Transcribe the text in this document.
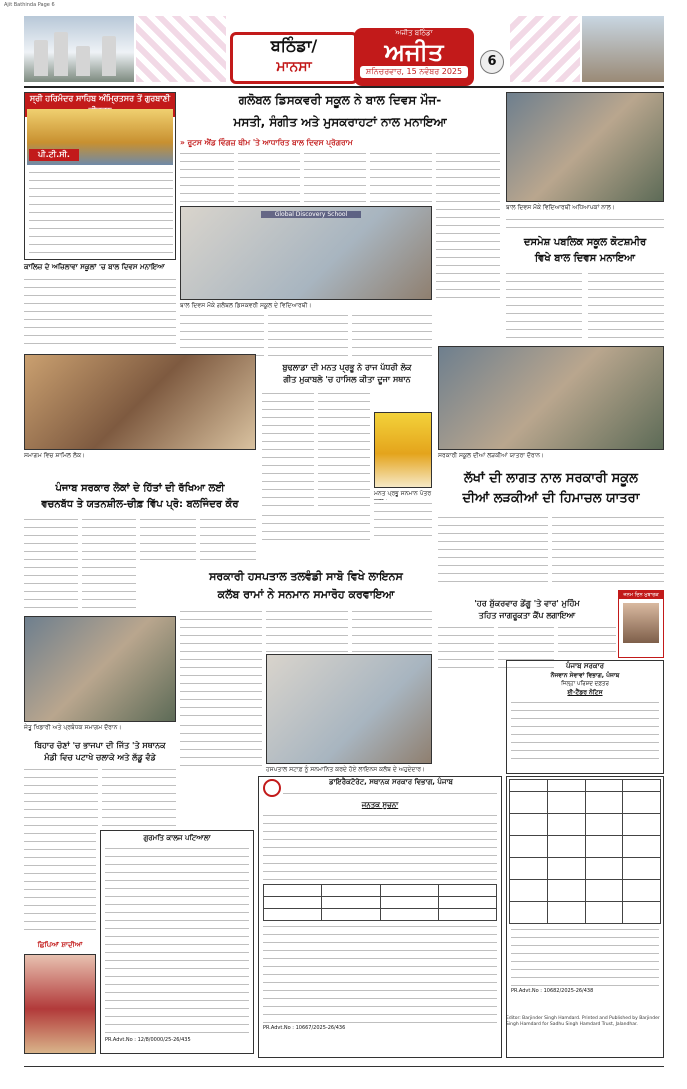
Ajit Bathinda Page 6
ਬਠਿੰਡਾ/
ਮਾਨਸਾ
ਅਜੀਤ ਬਠਿੰਡਾ
ਅਜੀਤ
ਸ਼ਨਿਚਰਵਾਰ, 15 ਨਵੰਬਰ 2025
6
ਸ੍ਰੀ ਹਰਿਮੰਦਰ ਸਾਹਿਬ ਅੰਮ੍ਰਿਤਸਰ ਤੋਂ ਗੁਰਬਾਣੀ
ਪੀ.ਟੀ.ਸੀ.
ਕਾਲਿਜ਼ ਦੇ ਅਜ਼ਿਲਾਵਾ ਸਕੂਲਾਂ 'ਚ ਬਾਲ ਦਿਵਸ ਮਨਾਇਆ
ਗਲੋਬਲ ਡਿਸਕਵਰੀ ਸਕੂਲ ਨੇ ਬਾਲ ਦਿਵਸ ਮੌਜ-
ਮਸਤੀ, ਸੰਗੀਤ ਅਤੇ ਮੁਸਕਰਾਹਟਾਂ ਨਾਲ ਮਨਾਇਆ
» ਰੂਟਸ ਐਂਡ ਵਿੰਗਜ਼ ਥੀਮ 'ਤੇ ਆਧਾਰਿਤ ਬਾਲ ਦਿਵਸ ਪ੍ਰੋਗਰਾਮ
Global Discovery School
ਬਾਲ ਦਿਵਸ ਮੌਕੇ ਗਲੋਬਲ ਡਿਸਕਵਰੀ ਸਕੂਲ ਦੇ ਵਿਦਿਆਰਥੀ।
ਬਾਲ ਦਿਵਸ ਮੌਕੇ ਵਿਦਿਆਰਥੀ ਅਧਿਆਪਕਾਂ ਨਾਲ।
ਦਸਮੇਸ਼ ਪਬਲਿਕ ਸਕੂਲ ਕੋਟਸ਼ਮੀਰ
ਵਿਖੇ ਬਾਲ ਦਿਵਸ ਮਨਾਇਆ
ਸਮਾਗਮ ਵਿਚ ਸ਼ਾਮਿਲ ਲੋਕ।
ਬੁਢਲਾਡਾ ਦੀ ਮਨਤ ਪ੍ਰਭੂ ਨੇ ਰਾਜ ਪੱਧਰੀ ਲੋਕ
ਗੀਤ ਮੁਕਾਬਲੇ 'ਚ ਹਾਸਿਲ ਕੀਤਾ ਦੂਜਾ ਸਥਾਨ
ਮਨਤ ਪ੍ਰਭੂ ਸਨਮਾਨ ਪੱਤਰ
ਸਰਕਾਰੀ ਸਕੂਲ ਦੀਆਂ ਲੜਕੀਆਂ ਯਾਤਰਾ ਦੌਰਾਨ।
ਲੱਖਾਂ ਦੀ ਲਾਗਤ ਨਾਲ ਸਰਕਾਰੀ ਸਕੂਲ
ਦੀਆਂ ਲੜਕੀਆਂ ਦੀ ਹਿਮਾਚਲ ਯਾਤਰਾ
ਪੰਜਾਬ ਸਰਕਾਰ ਲੋਕਾਂ ਦੇ ਹਿੱਤਾਂ ਦੀ ਰੱਖਿਆ ਲਈ
ਵਚਨਬੱਧ ਤੇ ਯਤਨਸ਼ੀਲ-ਚੀਫ਼ ਵਿੱਪ ਪ੍ਰੋ: ਬਲਜਿੰਦਰ ਕੌਰ
ਸਰਕਾਰੀ ਹਸਪਤਾਲ ਤਲਵੰਡੀ ਸਾਬੋ ਵਿਖੇ ਲਾਇਨਸ
ਕਲੱਬ ਰਾਮਾਂ ਨੇ ਸਨਮਾਨ ਸਮਾਰੋਹ ਕਰਵਾਇਆ
ਹਸਪਤਾਲ ਸਟਾਫ਼ ਨੂੰ ਸਨਮਾਨਿਤ ਕਰਦੇ ਹੋਏ ਲਾਇਨਸ ਕਲੱਬ ਦੇ ਅਹੁਦੇਦਾਰ।
ਜੇਤੂ ਖਿਡਾਰੀ ਅਤੇ ਪ੍ਰਬੰਧਕ ਸਮਾਗਮ ਦੌਰਾਨ।
ਬਿਹਾਰ ਚੋਣਾਂ 'ਚ ਭਾਜਪਾ ਦੀ ਜਿੱਤ 'ਤੇ ਸਥਾਨਕ
ਮੰਡੀ ਵਿਚ ਪਟਾਖੇ ਚਲਾਕੇ ਅਤੇ ਲੱਡੂ ਵੰਡੇ
'ਹਰ ਸ਼ੁੱਕਰਵਾਰ ਡੇਂਗੂ 'ਤੇ ਵਾਰ' ਮੁਹਿੰਮ
ਤਹਿਤ ਜਾਗਰੂਕਤਾ ਕੈਂਪ ਲਗਾਇਆ
ਜਨਮ ਦਿਨ ਮੁਬਾਰਕ
ਪੰਜਾਬ ਸਰਕਾਰ
ਨੌਜਵਾਨ ਸੇਵਾਵਾਂ ਵਿਭਾਗ, ਪੰਜਾਬ
ਜਿਲ੍ਹਾ ਪਰਿਸ਼ਦ ਦਫ਼ਤਰ
ਈ-ਟੈਂਡਰ ਨੋਟਿਸ
ਗੁਰਮਤਿ ਕਾਲਜ ਪਟਿਆਲਾ
PR.Advt.No : 12/8/0000/25-26/435
ਛਿਪਿਆਂ ਸ਼ਾਦੀਆਂ
ਡਾਇਰੈਕਟੋਰੇਟ, ਸਥਾਨਕ ਸਰਕਾਰ ਵਿਭਾਗ, ਪੰਜਾਬ
ਜਨਤਕ ਸੂਚਨਾ

PR.Advt.No : 10667/2025-26/436

PR.Advt.No : 10682/2025-26/438
Editor: Barjinder Singh Hamdard. Printed and Published by Barjinder Singh Hamdard for Sadhu Singh Hamdard Trust, Jalandhar.
